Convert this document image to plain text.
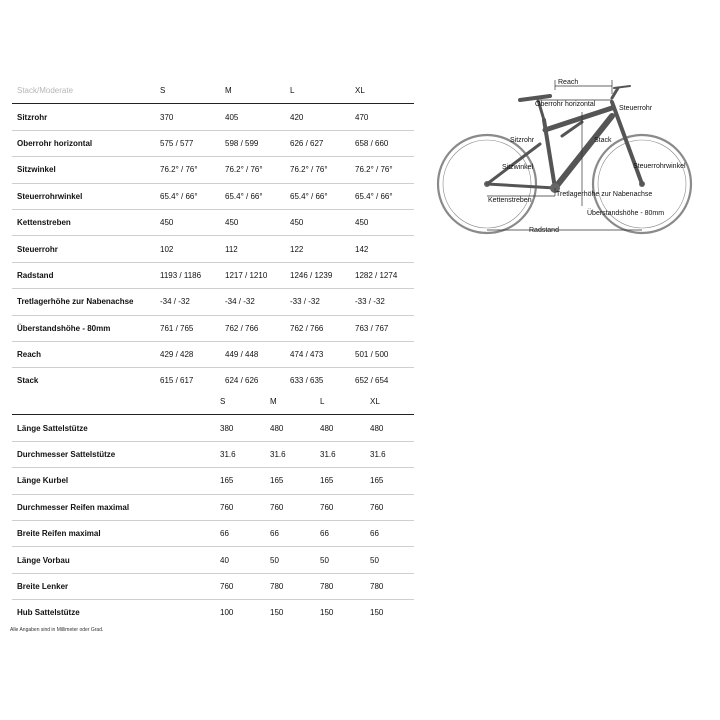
Stack/Moderate	S	M	L	XL
Sitzrohr	370	405	420	470
Oberrohr horizontal	575 / 577	598 / 599	626 / 627	658 / 660
Sitzwinkel	76.2° / 76°	76.2° / 76°	76.2° / 76°	76.2° / 76°
Steuerrohrwinkel	65.4° / 66°	65.4° / 66°	65.4° / 66°	65.4° / 66°
Kettenstreben	450	450	450	450
Steuerrohr	102	112	122	142
Radstand	1193 / 1186	1217 / 1210	1246 / 1239	1282 / 1274
Tretlagerhöhe zur Nabenachse	-34 / -32	-34 / -32	-33 / -32	-33 / -32
Überstandshöhe - 80mm	761 / 765	762 / 766	762 / 766	763 / 767
Reach	429 / 428	449 / 448	474 / 473	501 / 500
Stack	615 / 617	624 / 626	633 / 635	652 / 654
	S	M	L	XL
Länge Sattelstütze	380	480	480	480
Durchmesser Sattelstütze	31.6	31.6	31.6	31.6
Länge Kurbel	165	165	165	165
Durchmesser Reifen maximal	760	760	760	760
Breite Reifen maximal	66	66	66	66
Länge Vorbau	40	50	50	50
Breite Lenker	760	780	780	780
Hub Sattelstütze	100	150	150	150
Alle Angaben sind in Millimeter oder Grad.
Reach
Oberrohr horizontal
Steuerrohr
Sitzrohr	Stack
Sitzwinkel	Steuerrohrwinkel
Tretlagerhöhe zur Nabenachse
Kettenstreben
Überstandshöhe - 80mm
Radstand
